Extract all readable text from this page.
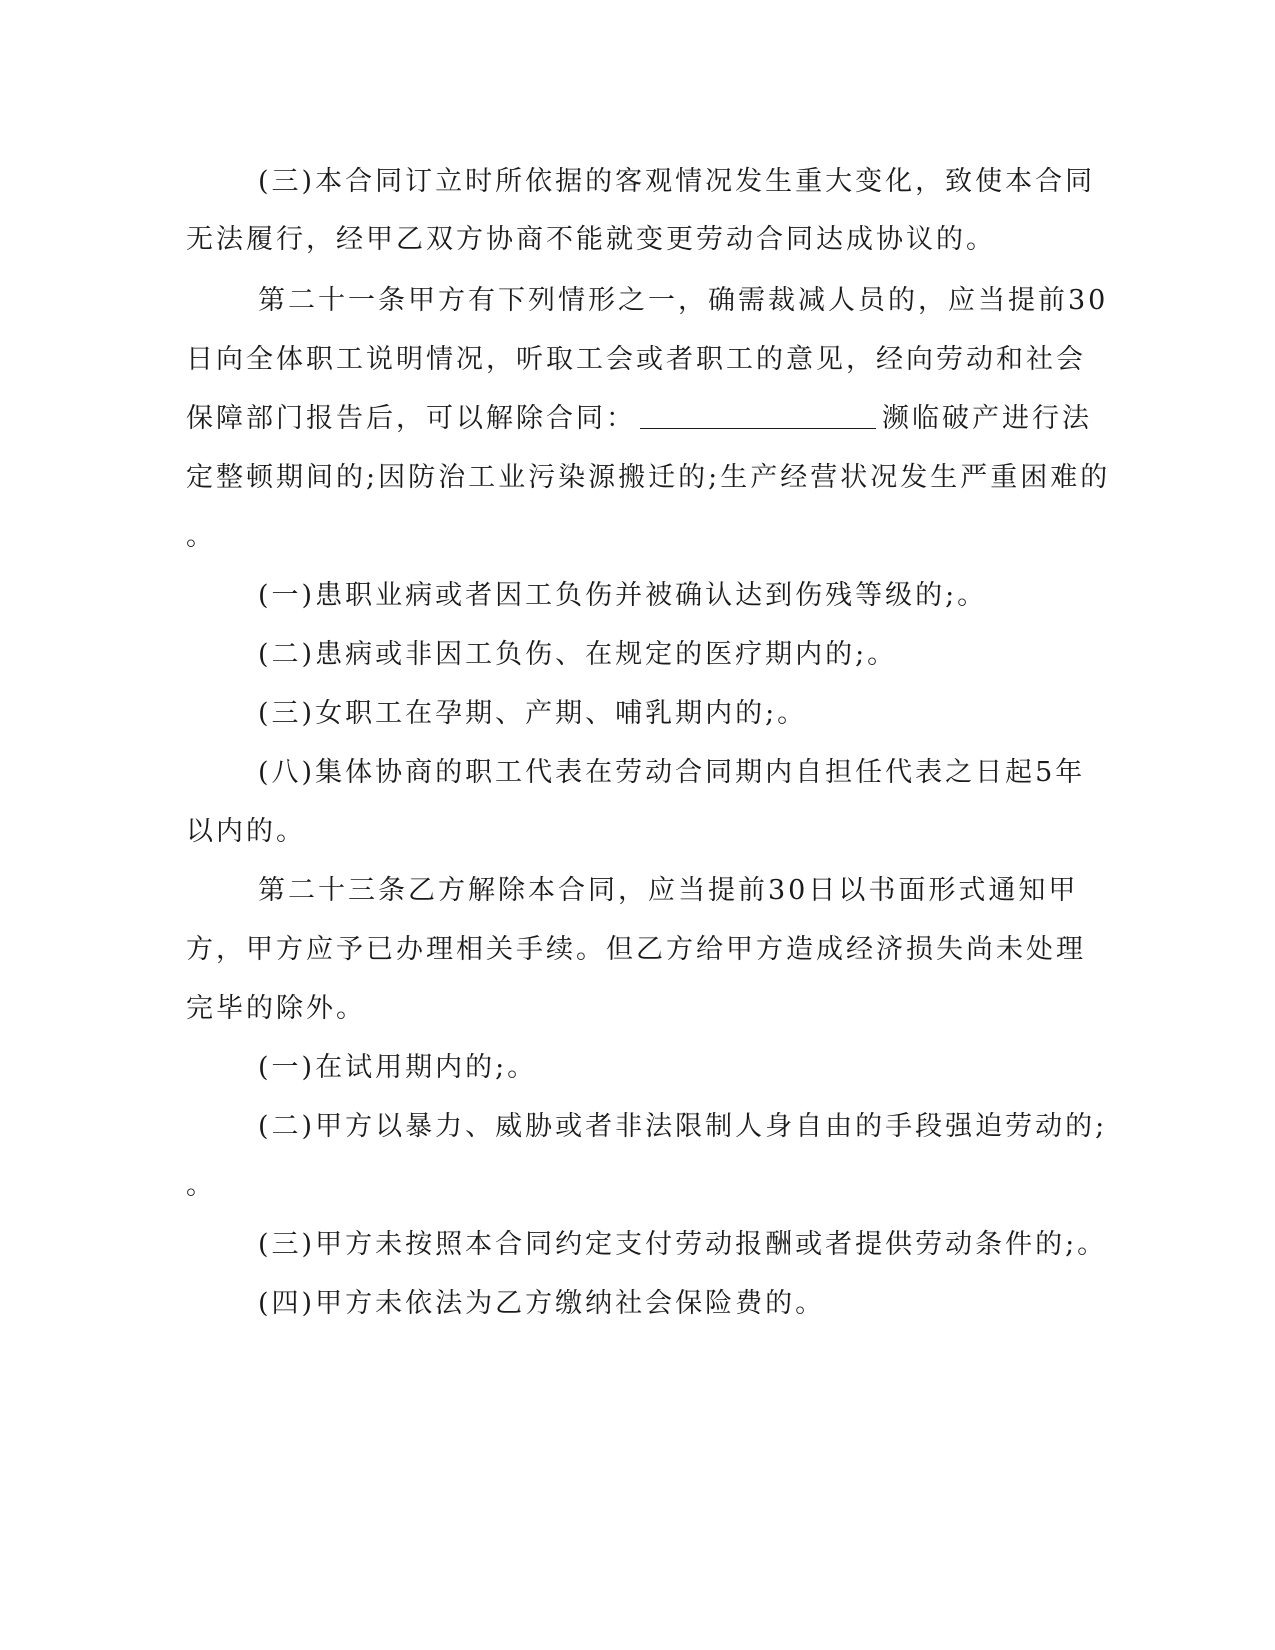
(三)本合同订立时所依据的客观情况发生重大变化，致使本合同
无法履行，经甲乙双方协商不能就变更劳动合同达成协议的。
第二十一条甲方有下列情形之一，确需裁减人员的，应当提前30
日向全体职工说明情况，听取工会或者职工的意见，经向劳动和社会
保障部门报告后，可以解除合同：	濒临破产进行法
定整顿期间的;因防治工业污染源搬迁的;生产经营状况发生严重困难的
。
(一)患职业病或者因工负伤并被确认达到伤残等级的;。
(二)患病或非因工负伤、在规定的医疗期内的;。
(三)女职工在孕期、产期、哺乳期内的;。
(八)集体协商的职工代表在劳动合同期内自担任代表之日起5年
以内的。
第二十三条乙方解除本合同，应当提前30日以书面形式通知甲
方，甲方应予已办理相关手续。但乙方给甲方造成经济损失尚未处理
完毕的除外。
(一)在试用期内的;。
(二)甲方以暴力、威胁或者非法限制人身自由的手段强迫劳动的;
。
(三)甲方未按照本合同约定支付劳动报酬或者提供劳动条件的;。
(四)甲方未依法为乙方缴纳社会保险费的。
